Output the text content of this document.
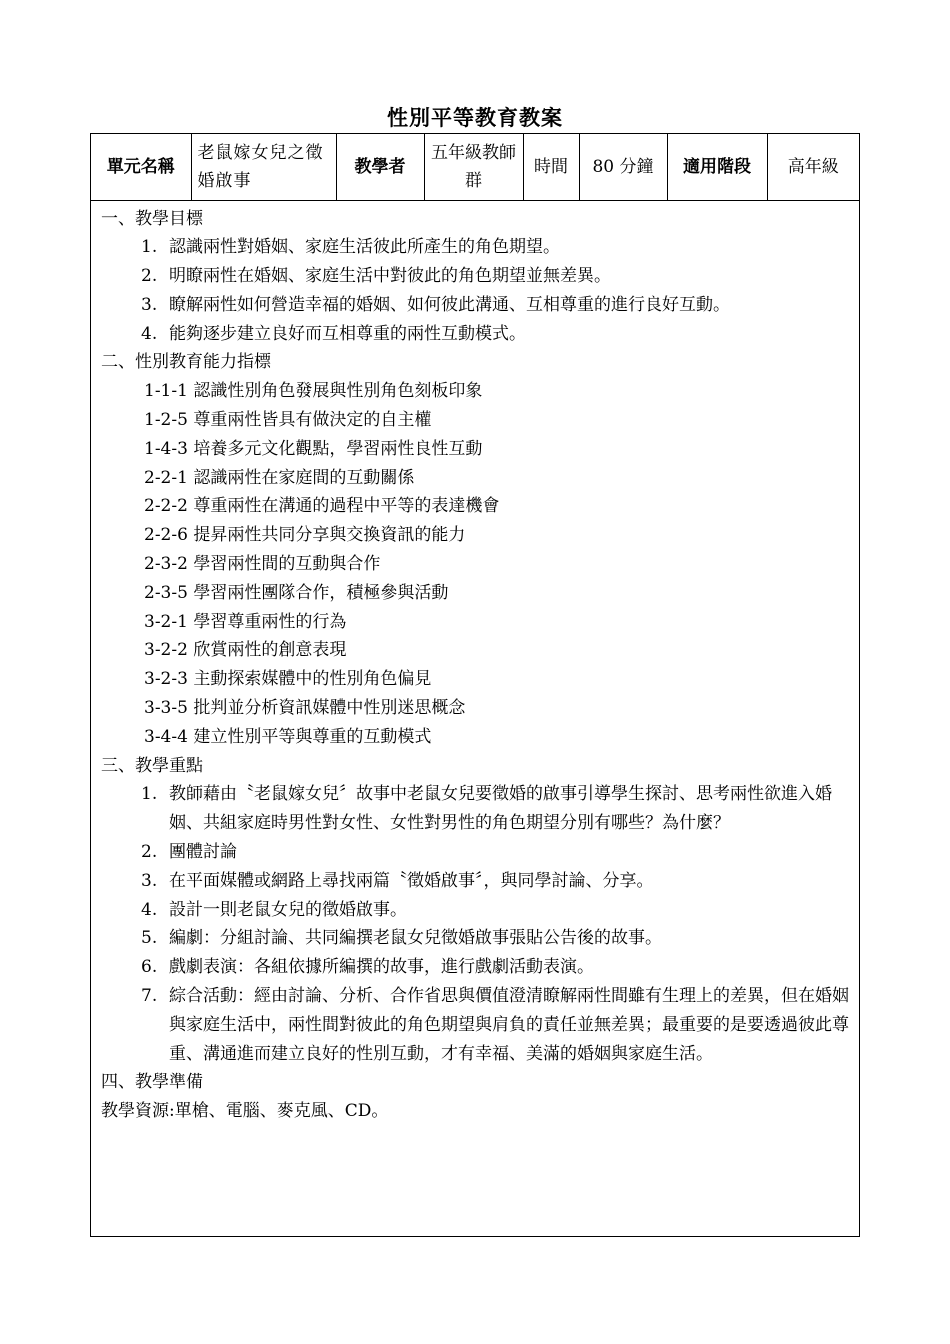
性別平等教育教案
單元名稱	老鼠嫁女兒之徵婚啟事	教學者	五年級教師群	時間	80 分鐘	適用階段	高年級
一、教學目標
1. 認識兩性對婚姻、家庭生活彼此所產生的角色期望。
2. 明瞭兩性在婚姻、家庭生活中對彼此的角色期望並無差異。
3. 瞭解兩性如何營造幸福的婚姻、如何彼此溝通、互相尊重的進行良好互動。
4. 能夠逐步建立良好而互相尊重的兩性互動模式。
二、性別教育能力指標
1-1-1 認識性別角色發展與性別角色刻板印象
1-2-5 尊重兩性皆具有做決定的自主權
1-4-3 培養多元文化觀點，學習兩性良性互動
2-2-1 認識兩性在家庭間的互動關係
2-2-2 尊重兩性在溝通的過程中平等的表達機會
2-2-6 提昇兩性共同分享與交換資訊的能力
2-3-2 學習兩性間的互動與合作
2-3-5 學習兩性團隊合作，積極參與活動
3-2-1 學習尊重兩性的行為
3-2-2 欣賞兩性的創意表現
3-2-3 主動探索媒體中的性別角色偏見
3-3-5 批判並分析資訊媒體中性別迷思概念
3-4-4 建立性別平等與尊重的互動模式
三、教學重點
1. 教師藉由〝老鼠嫁女兒〞故事中老鼠女兒要徵婚的啟事引導學生探討、思考兩性欲進入婚姻、共組家庭時男性對女性、女性對男性的角色期望分別有哪些？為什麼？
2. 團體討論
3. 在平面媒體或網路上尋找兩篇〝徵婚啟事〞，與同學討論、分享。
4. 設計一則老鼠女兒的徵婚啟事。
5. 編劇：分組討論、共同編撰老鼠女兒徵婚啟事張貼公告後的故事。
6. 戲劇表演：各組依據所編撰的故事，進行戲劇活動表演。
7. 綜合活動：經由討論、分析、合作省思與價值澄清瞭解兩性間雖有生理上的差異，但在婚姻與家庭生活中，兩性間對彼此的角色期望與肩負的責任並無差異；最重要的是要透過彼此尊重、溝通進而建立良好的性別互動，才有幸福、美滿的婚姻與家庭生活。
四、教學準備
教學資源:單槍、電腦、麥克風、CD。
